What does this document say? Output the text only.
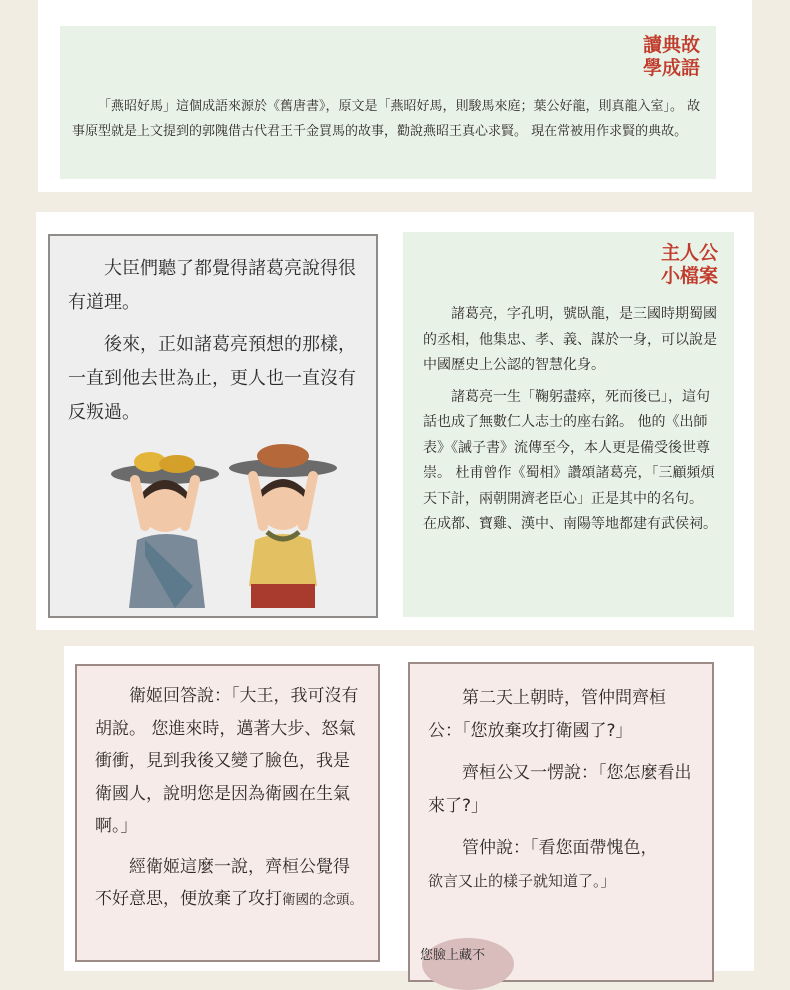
讀典故
學成語

「燕昭好馬」這個成語來源於《舊唐書》，原文是「燕昭好馬，則駿馬來庭；葉公好龍，則真龍入室」。 故事原型就是上文提到的郭隗借古代君王千金買馬的故事，勸說燕昭王真心求賢。 現在常被用作求賢的典故。

大臣們聽了都覺得諸葛亮說得很有道理。

後來，正如諸葛亮預想的那樣，一直到他去世為止，更人也一直沒有反叛過。

主人公
小檔案

諸葛亮，字孔明，號臥龍，是三國時期蜀國的丞相，他集忠、孝、義、謀於一身，可以說是中國歷史上公認的智慧化身。

諸葛亮一生「鞠躬盡瘁，死而後已」，這句話也成了無數仁人志士的座右銘。 他的《出師表》《誡子書》流傳至今，本人更是備受後世尊崇。 杜甫曾作《蜀相》讚頌諸葛亮，「三顧頻煩天下計，兩朝開濟老臣心」正是其中的名句。 在成都、寶雞、漢中、南陽等地都建有武侯祠。

衛姬回答說：「大王，我可沒有胡說。 您進來時，邁著大步、怒氣衝衝，見到我後又變了臉色，我是衛國人，說明您是因為衛國在生氣啊。」

經衛姬這麼一說，齊桓公覺得不好意思，便放棄了攻打衛國的念頭。

第二天上朝時，管仲問齊桓公：「您放棄攻打衛國了?」

齊桓公又一愣說：「您怎麼看出來了?」

管仲說：「看您面帶愧色，
欲言又止的樣子就知道了。」

您臉上藏不
